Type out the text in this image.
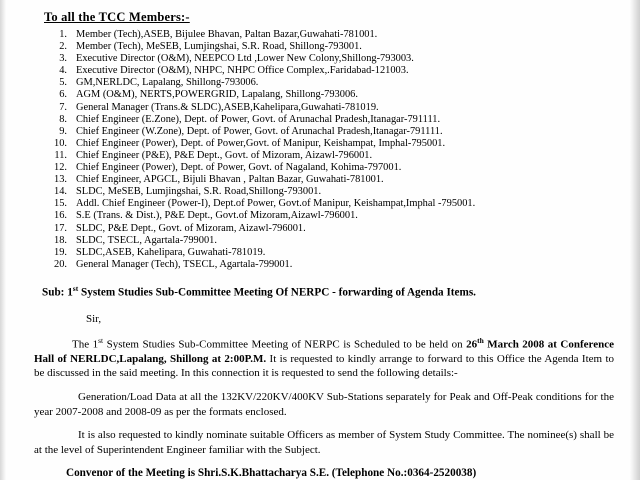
To all the TCC Members:-
1. Member (Tech),ASEB, Bijulee Bhavan, Paltan Bazar,Guwahati-781001.
2. Member (Tech), MeSEB, Lumjingshai, S.R. Road, Shillong-793001.
3. Executive Director (O&M), NEEPCO Ltd ,Lower New Colony,Shillong-793003.
4. Executive Director (O&M), NHPC, NHPC Office Complex,.Faridabad-121003.
5. GM,NERLDC, Lapalang, Shillong-793006.
6. AGM (O&M), NERTS,POWERGRID, Lapalang, Shillong-793006.
7. General Manager (Trans.& SLDC),ASEB,Kahelipara,Guwahati-781019.
8. Chief Engineer (E.Zone), Dept. of Power, Govt. of Arunachal Pradesh,Itanagar-791111.
9. Chief Engineer (W.Zone), Dept. of Power, Govt. of Arunachal Pradesh,Itanagar-791111.
10. Chief Engineer (Power), Dept. of Power,Govt. of Manipur, Keishampat, Imphal-795001.
11. Chief Engineer (P&E), P&E Dept., Govt. of Mizoram, Aizawl-796001.
12. Chief Engineer (Power), Dept. of Power, Govt. of Nagaland, Kohima-797001.
13. Chief Engineer, APGCL, Bijuli Bhavan , Paltan Bazar, Guwahati-781001.
14. SLDC, MeSEB, Lumjingshai, S.R. Road,Shillong-793001.
15. Addl. Chief Engineer (Power-I), Dept.of Power, Govt.of Manipur, Keishampat,Imphal -795001.
16. S.E (Trans. & Dist.), P&E Dept., Govt.of Mizoram,Aizawl-796001.
17. SLDC, P&E Dept., Govt. of Mizoram, Aizawl-796001.
18. SLDC, TSECL, Agartala-799001.
19. SLDC,ASEB, Kahelipara, Guwahati-781019.
20. General Manager (Tech), TSECL, Agartala-799001.
Sub: 1st System Studies Sub-Committee Meeting Of NERPC - forwarding of Agenda Items.
Sir,

The 1st System Studies Sub-Committee Meeting of NERPC is Scheduled to be held on 26th March 2008 at Conference Hall of NERLDC,Lapalang, Shillong at 2:00P.M. It is requested to kindly arrange to forward to this Office the Agenda Item to be discussed in the said meeting. In this connection it is requested to send the following details:-

Generation/Load Data at all the 132KV/220KV/400KV Sub-Stations separately for Peak and Off-Peak conditions for the year 2007-2008 and 2008-09 as per the formats enclosed.

It is also requested to kindly nominate suitable Officers as member of System Study Committee. The nominee(s) shall be at the level of Superintendent Engineer familiar with the Subject.

Convenor of the Meeting is Shri.S.K.Bhattacharya S.E. (Telephone No.:0364-2520038)
